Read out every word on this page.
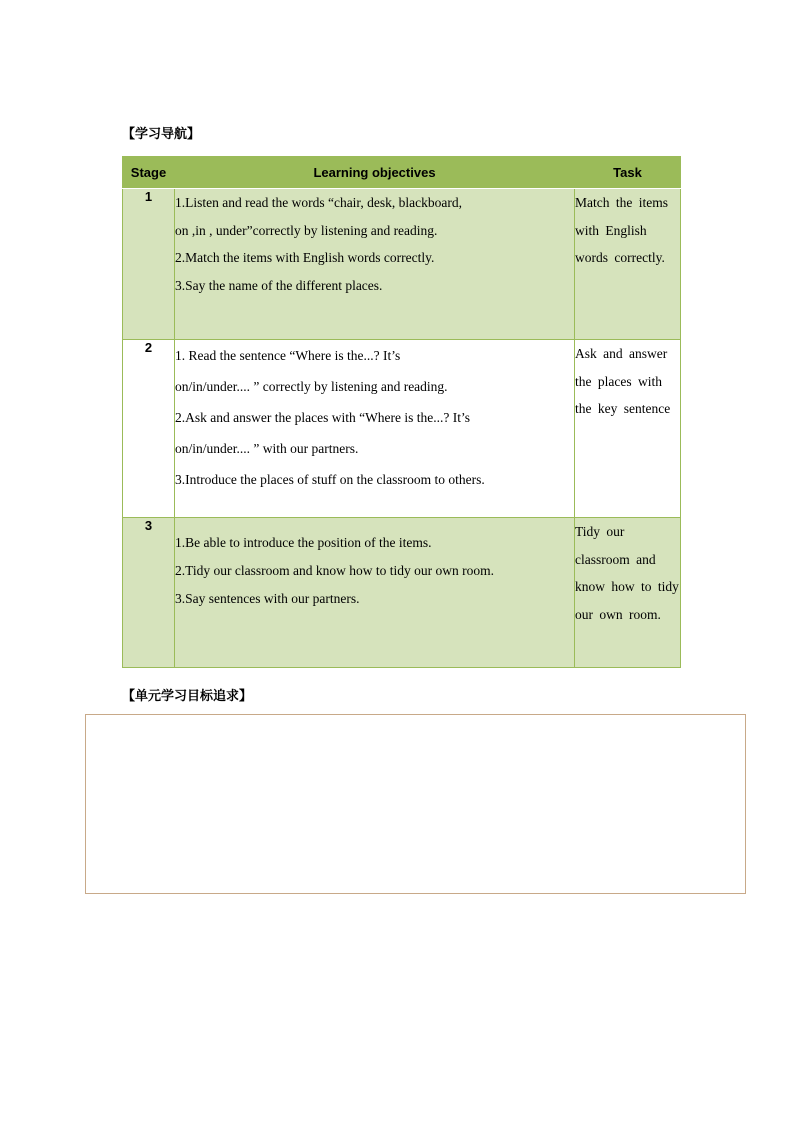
【学习导航】
Stage	Learning objectives	Task
1	1.Listen and read the words “chair, desk, blackboard,
on ,in , under”correctly by listening and reading.
2.Match the items with English words correctly.
3.Say the name of the different places.	Match the items with English words correctly.

2	1. Read the sentence “Where is the...? It’s
on/in/under.... ” correctly by listening and reading.
2.Ask and answer the places with “Where is the...? It’s
on/in/under.... ” with our partners.
3.Introduce the places of stuff on the classroom to others.	Ask and answer the places with the key sentence

3	1.Be able to introduce the position of the items.
2.Tidy our classroom and know how to tidy our own room.
3.Say sentences with our partners.	Tidy our classroom and know how to tidy our own room.
【单元学习目标追求】
